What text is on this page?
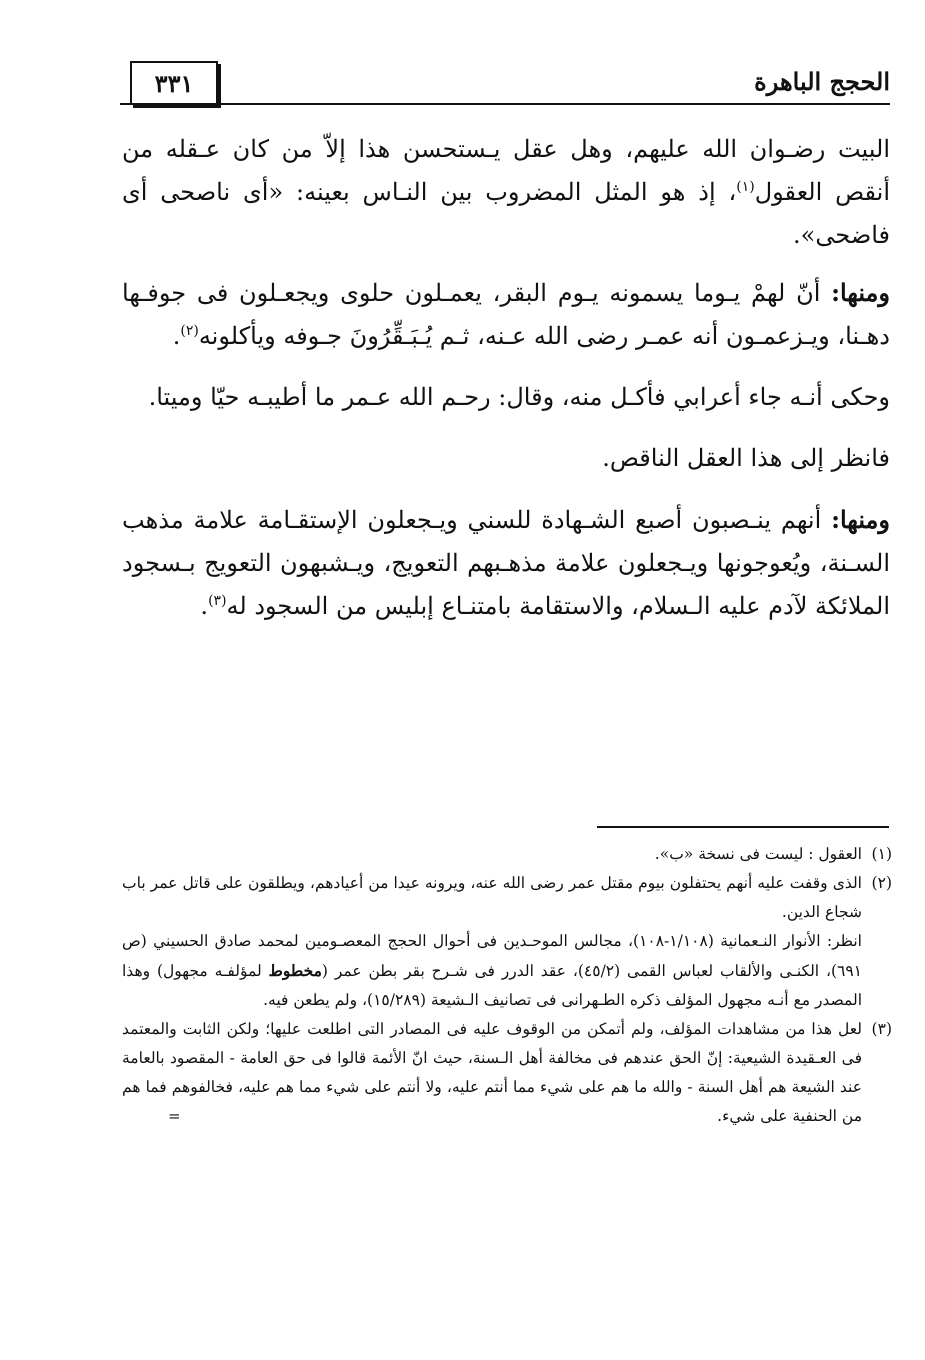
٣٣١	الحجج الباهرة

البيت رضـوان الله عليهم، وهل عقل يـستحسن هذا إلاّ من كان عـقله من أنقص العقول$^{(١)}$، إذ هو المثل المضروب بين النـاس بعينه: «أى ناصحى أى فاضحى».

ومنها: أنّ لهمْ يـوما يسمونه يـوم البقر، يعمـلون حلوى ويجعـلون فى جوفـها دهـنا، ويـزعمـون أنه عمـر رضى الله عـنه، ثـم يُـبَـقِّرُونَ جـوفه ويأكلونه$^{(٢)}$.

وحكى أنـه جاء أعرابي فأكـل منه، وقال: رحـم الله عـمر ما أطيبـه حيّا وميتا.

فانظر إلى هذا العقل الناقص.

ومنها: أنهم ينـصبون أصبع الشـهادة للسني ويـجعلون الإستقـامة علامة مذهب السـنة، ويُعوجونها ويـجعلون علامة مذهـبهم التعويج، ويـشبهون التعويج بـسجود الملائكة لآدم عليه الـسلام، والاستقامة بامتنـاع إبليس من السجود له$^{(٣)}$.

(١)
العقول : ليست فى نسخة «ب».

(٢)
الذى وقفت عليه أنهم يحتفلون بيوم مقتل عمر رضى الله عنه، ويرونه عيدا من أعيادهم، ويطلقون على قاتل عمر باب شجاع الدين.

انظر: الأنوار النـعمانية (١/١٠٨-١٠٨)، مجالس الموحـدين فى أحوال الحجج المعصـومين لمحمد صادق الحسيني (ص ٦٩١)، الكنـى والألقاب لعباس القمى (٤٥/٢)، عقد الدرر فى شـرح بقر بطن عمر (مخطوط لمؤلفـه مجهول) وهذا المصدر مع أنـه مجهول المؤلف ذكره الطـهرانى فى تصانيف الـشيعة (١٥/٢٨٩)، ولم يطعن فيه.

(٣)
لعل هذا من مشاهدات المؤلف، ولم أتمكن من الوقوف عليه فى المصادر التى اطلعت عليها؛ ولكن الثابت والمعتمد فى العـقيدة الشيعية: إنّ الحق عندهم فى مخالفة أهل الـسنة، حيث انّ الأئمة قالوا فى حق العامة - المقصود بالعامة عند الشيعة هم أهل السنة - والله ما هم على شيء مما أنتم عليه، ولا أنتم على شيء مما هم عليه، فخالفوهم فما هم من الحنفية على شيء.
=
